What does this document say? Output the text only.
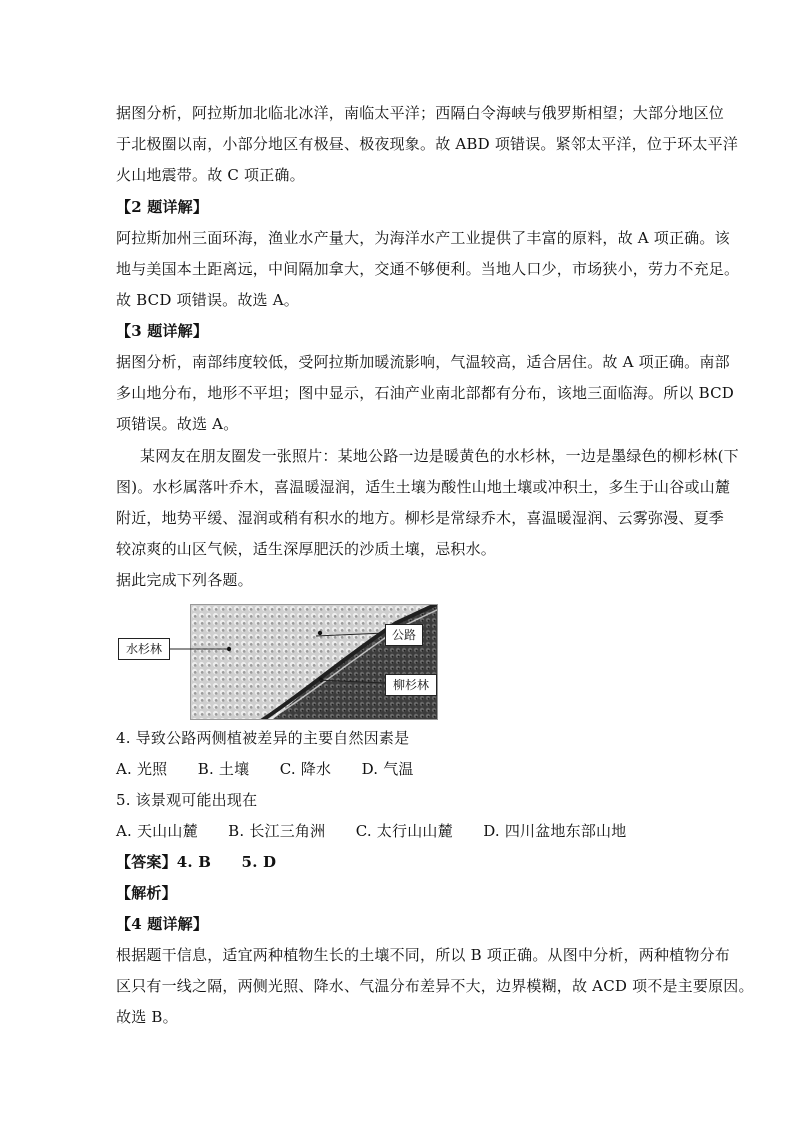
据图分析，阿拉斯加北临北冰洋，南临太平洋；西隔白令海峡与俄罗斯相望；大部分地区位
于北极圈以南，小部分地区有极昼、极夜现象。故 ABD 项错误。紧邻太平洋，位于环太平洋
火山地震带。故 C 项正确。
【2 题详解】
阿拉斯加州三面环海，渔业水产量大，为海洋水产工业提供了丰富的原料，故 A 项正确。该
地与美国本土距离远，中间隔加拿大，交通不够便利。当地人口少，市场狭小，劳力不充足。
故 BCD 项错误。故选 A。
【3 题详解】
据图分析，南部纬度较低，受阿拉斯加暖流影响，气温较高，适合居住。故 A 项正确。南部
多山地分布，地形不平坦；图中显示，石油产业南北部都有分布，该地三面临海。所以 BCD
项错误。故选 A。
某网友在朋友圈发一张照片：某地公路一边是暖黄色的水杉林，一边是墨绿色的柳杉林(下
图)。水杉属落叶乔木，喜温暖湿润，适生土壤为酸性山地土壤或冲积土，多生于山谷或山麓
附近，地势平缓、湿润或稍有积水的地方。柳杉是常绿乔木，喜温暖湿润、云雾弥漫、夏季
较凉爽的山区气候，适生深厚肥沃的沙质土壤，忌积水。
据此完成下列各题。
水杉林
公路
柳杉林
4. 导致公路两侧植被差异的主要自然因素是
A. 光照　　B. 土壤　　C. 降水　　D. 气温
5. 该景观可能出现在
A. 天山山麓　　B. 长江三角洲　　C. 太行山山麓　　D. 四川盆地东部山地
【答案】4. B　　5. D
【解析】
【4 题详解】
根据题干信息，适宜两种植物生长的土壤不同，所以 B 项正确。从图中分析，两种植物分布
区只有一线之隔，两侧光照、降水、气温分布差异不大，边界模糊，故 ACD 项不是主要原因。
故选 B。
